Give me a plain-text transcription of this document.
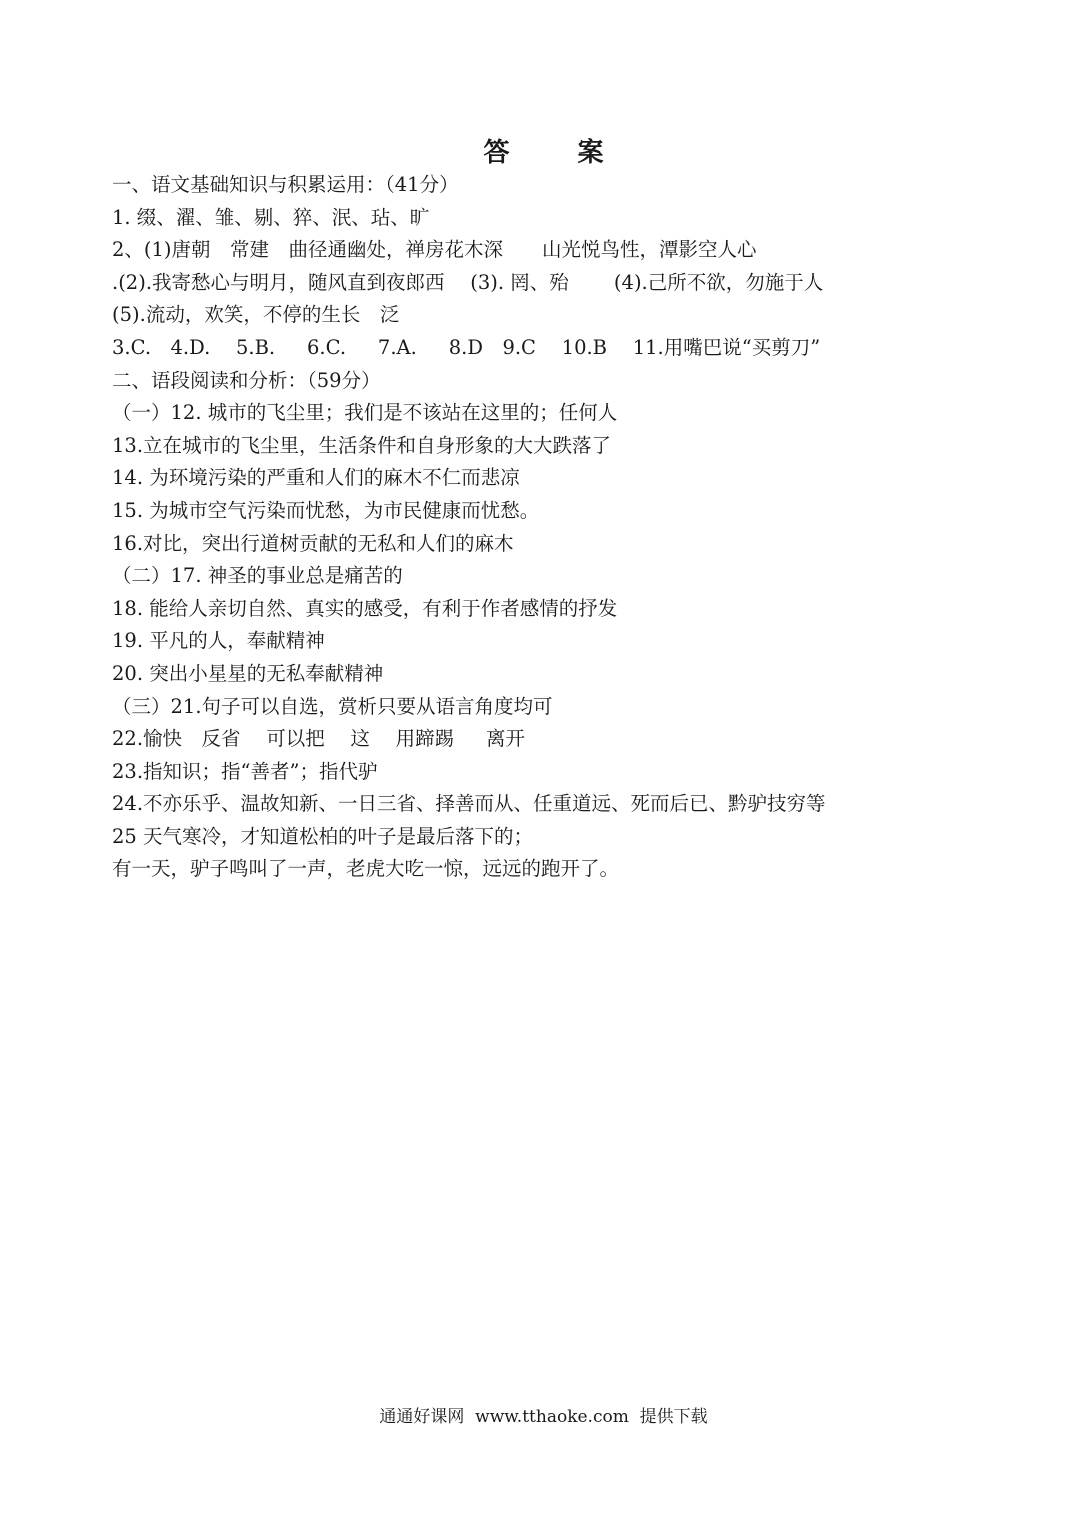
答案
一、语文基础知识与积累运用：（41分）
1. 缀、濯、雏、剔、猝、泯、玷、旷
2、(1)唐朝　常建　曲径通幽处，禅房花木深　　山光悦鸟性，潭影空人心
.(2).我寄愁心与明月，随风直到夜郎西　 (3). 罔、殆　　 (4).己所不欲，勿施于人
(5).流动，欢笑，不停的生长　泛
3.C.　4.D.　 5.B.　  6.C.　  7.A.　  8.D　9.C　 10.B　 11.用嘴巴说“买剪刀”
二、语段阅读和分析：（59分）
（一）12. 城市的飞尘里；我们是不该站在这里的；任何人
13.立在城市的飞尘里，生活条件和自身形象的大大跌落了
14. 为环境污染的严重和人们的麻木不仁而悲凉
15. 为城市空气污染而忧愁，为市民健康而忧愁。
16.对比，突出行道树贡献的无私和人们的麻木
（二）17. 神圣的事业总是痛苦的
18. 能给人亲切自然、真实的感受，有利于作者感情的抒发
19. 平凡的人，奉献精神
20. 突出小星星的无私奉献精神
（三）21.句子可以自选，赏析只要从语言角度均可
22.愉快　反省　 可以把　 这　 用蹄踢　  离开
23.指知识；指“善者”；指代驴
24.不亦乐乎、温故知新、一日三省、择善而从、任重道远、死而后已、黔驴技穷等
25 天气寒冷，才知道松柏的叶子是最后落下的；
有一天，驴子鸣叫了一声，老虎大吃一惊，远远的跑开了。
通通好课网  www.tthaoke.com  提供下载
